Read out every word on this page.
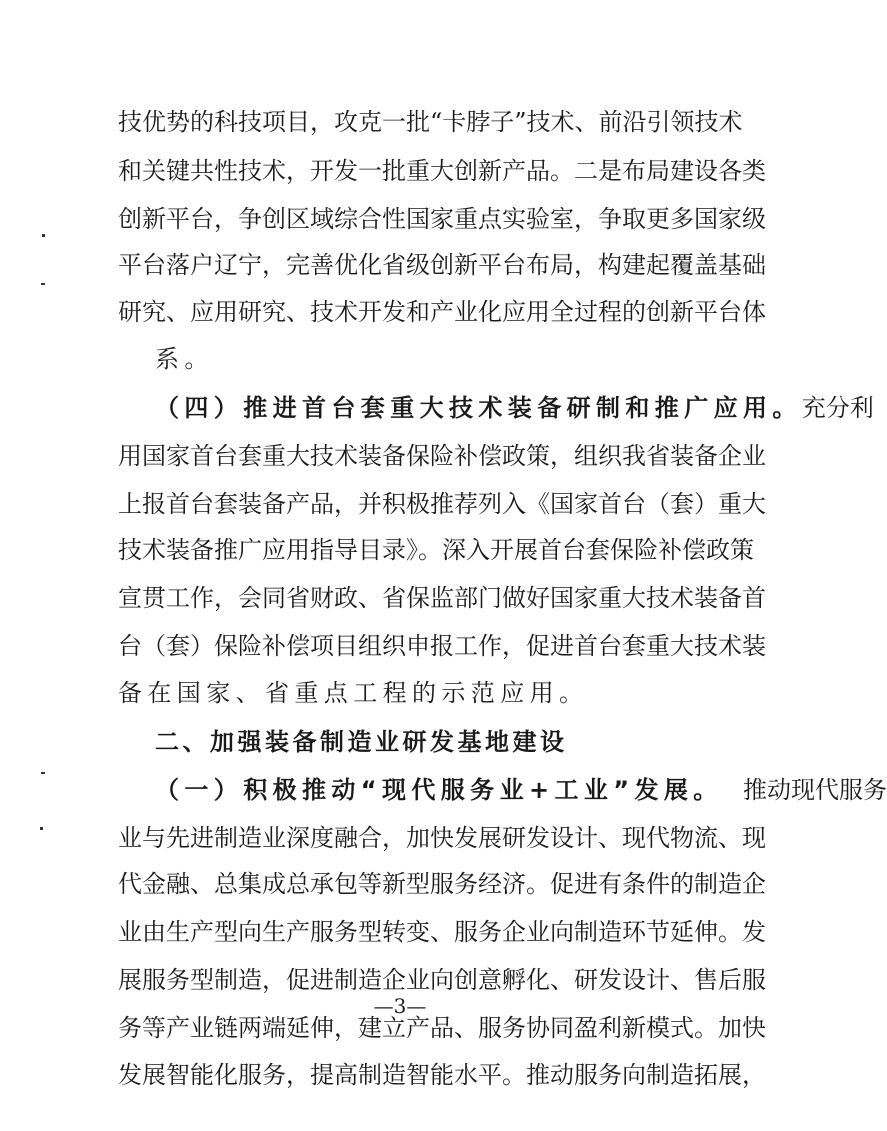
技优势的科技项目，攻克一批“卡脖子”技术、前沿引领技术
和关键共性技术，开发一批重大创新产品。二是布局建设各类
创新平台，争创区域综合性国家重点实验室，争取更多国家级
平台落户辽宁，完善优化省级创新平台布局，构建起覆盖基础
研究、应用研究、技术开发和产业化应用全过程的创新平台体
系。
（四）推进首台套重大技术装备研制和推广应用。 充分利
用国家首台套重大技术装备保险补偿政策，组织我省装备企业
上报首台套装备产品，并积极推荐列入《国家首台（套）重大
技术装备推广应用指导目录》。深入开展首台套保险补偿政策
宣贯工作，会同省财政、省保监部门做好国家重大技术装备首
台（套）保险补偿项目组织申报工作，促进首台套重大技术装
备在国家、省重点工程的示范应用。
二、加强装备制造业研发基地建设
（一）积极推动“现代服务业+工业”发展。 推动现代服务
业与先进制造业深度融合，加快发展研发设计、现代物流、现
代金融、总集成总承包等新型服务经济。促进有条件的制造企
业由生产型向生产服务型转变、服务企业向制造环节延伸。发
展服务型制造，促进制造企业向创意孵化、研发设计、售后服
务等产业链两端延伸，建立产品、服务协同盈利新模式。加快
发展智能化服务，提高制造智能水平。推动服务向制造拓展，
—3—
